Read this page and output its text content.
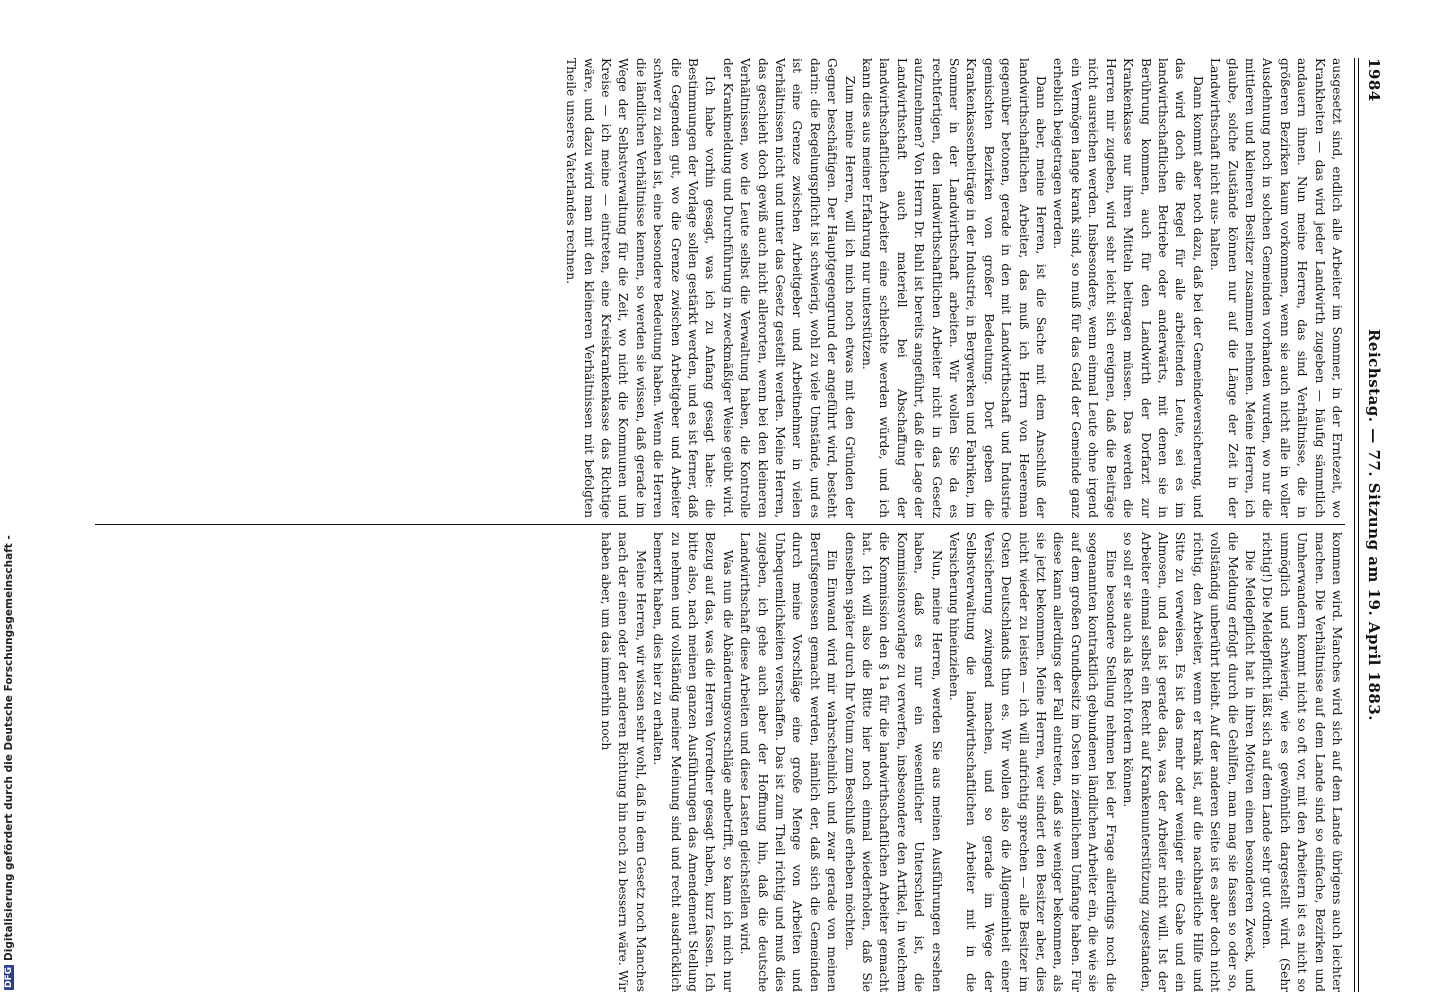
DFG
Digitalisierung gefördert durch die Deutsche Forschungsgemeinschaft -
1984
Reichstag. — 77. Sitzung am 19. April 1883.

ausgesetzt sind, endlich alle Arbeiter im Sommer, in der Erntezeit, wo Krankheiten — das wird jeder Landwirth zugeben — häufig sämmtlich andauern ihnen. Nun meine Herren, das sind Verhältnisse, die in größeren Bezirken kaum vorkommen, wenn sie auch nicht alle in voller Ausdehnung noch in solchen Gemeinden vorhanden wurden, wo nur die mittleren und kleineren Besitzer zusammen nehmen. Meine Herren, ich glaube, solche Zustände können nur auf die Länge der Zeit in der Landwirthschaft nicht aus- halten.

Dann kommt aber noch dazu, daß bei der Gemeindeversicherung, und das wird doch die Regel für alle arbeitenden Leute, sei es im landwirthschaftlichen Betriebe oder anderwärts, mit denen sie in Berührung kommen, auch für den Landwirth der Dorfarzt zur Krankenkasse nur ihren Mitteln beitragen müssen. Das werden die Herren mir zugeben, wird sehr leicht sich ereignen, daß die Beiträge nicht ausreichen werden. Insbesondere, wenn einmal Leute ohne irgend ein Vermögen lange krank sind, so muß für das Geld der Gemeinde ganz erheblich beigetragen werden.

Dann aber, meine Herren, ist die Sache mit dem Anschluß der landwirthschaftlichen Arbeiter, das muß ich Herrn von Heereman gegenüber betonen, gerade in den mit Landwirthschaft und Industrie gemischten Bezirken von großer Bedeutung. Dort geben die Krankenkassenbeiträge in der Industrie, in Bergwerken und Fabriken, im Sommer in der Landwirthschaft arbeiten. Wir wollen Sie da es rechtfertigen, den landwirthschaftlichen Arbeiter nicht in das Gesetz aufzunehmen? Von Herrn Dr. Buhl ist bereits angeführt, daß die Lage der Landwirthschaft auch materiell bei Abschaffung der landwirthschaftlichen Arbeiter eine schlechte werden würde, und ich kann dies aus meiner Erfahrung nur unterstützen.

Zum meine Herren, will ich mich noch etwas mit den Gründen der Gegner beschäftigen. Der Hauptgegengrund der angeführt wird, besteht darin: die Regelungspflicht ist schwierig, wohl zu viele Umstände, und es ist eine Grenze zwischen Arbeitgeber und Arbeitnehmer in vielen Verhältnissen nicht und unter das Gesetz gestellt werden. Meine Herren, das geschieht doch gewiß auch nicht allerorten, wenn bei den kleineren Verhältnissen, wo die Leute selbst die Verwaltung haben, die Kontrolle der Krankmeldung und Durchführung in zweckmäßiger Weise geübt wird.

Ich habe vorhin gesagt, was ich zu Anfang gesagt habe: die Bestimmungen der Vorlage sollen gestärkt werden, und es ist ferner, daß die Gegenden gut, wo die Grenze zwischen Arbeitgeber und Arbeiter schwer zu ziehen ist, eine besondere Bedeutung haben. Wenn die Herren die ländlichen Verhältnisse kennen, so werden sie wissen, daß gerade im Wege der Selbstverwaltung für die Zeit, wo nicht die Kommunen und Kreise — ich meine — eintreten, eine Kreiskrankenkasse das Richtige wäre, und dazu wird man mit den kleineren Verhältnissen mit befolgten Theile unseres Vaterlandes rechnen.

kommen wird. Manches wird sich auf dem Lande übrigens auch leichter machen. Die Verhältnisse auf dem Lande sind so einfache, Bezirken und Umherwandern kommt nicht so oft vor, mit den Arbeitern ist es nicht so unmöglich und schwierig, wie es gewöhnlich dargestellt wird. (Sehr richtig!) Die Meldepflicht läßt sich auf dem Lande sehr gut ordnen.

Die Meldepflicht hat in ihren Motiven einen besonderen Zweck, und die Meldung erfolgt durch die Gehilfen, man mag sie fassen so oder so, vollständig unberührt bleibt. Auf der anderen Seite ist es aber doch nicht richtig, den Arbeiter, wenn er krank ist, auf die nachbarliche Hilfe und Sitte zu verweisen. Es ist das mehr oder weniger eine Gabe und ein Almosen, und das ist gerade das, was der Arbeiter nicht will. Ist der Arbeiter einmal selbst ein Recht auf Krankenunterstützung zugestanden, so soll er sie auch als Recht fordern können.

Eine besondere Stellung nehmen bei der Frage allerdings noch die sogenannten kontraktlich gebundenen ländlichen Arbeiter ein, die wie sie auf dem großen Grundbesitz im Osten in ziemlichem Umfange haben. Für diese kann allerdings der Fall eintreten, daß sie weniger bekommen, als sie jetzt bekommen. Meine Herren, wer sindert den Besitzer aber, dies nicht wieder zu leisten — ich will aufrichtig sprechen — alle Besitzer im Osten Deutschlands thun es. Wir wollen also die Allgemeinheit einer Versicherung zwingend machen, und so gerade im Wege der Selbstverwaltung die landwirthschaftlichen Arbeiter mit in die Versicherung hineinziehen.

Nun, meine Herren, werden Sie aus meinen Ausführungen ersehen haben, daß es nur ein wesentlicher Unterschied ist, die Kommissionsvorlage zu verwerfen, insbesondere den Artikel, in welchem die Kommission den § 1a für die landwirthschaftlichen Arbeiter gemacht hat. Ich will also die Bitte hier noch einmal wiederholen, daß Sie denselben später durch Ihr Votum zum Beschluß erheben möchten.

Ein Einwand wird mir wahrscheinlich und zwar gerade von meinen Berufsgenossen gemacht werden, nämlich der, daß sich die Gemeinden durch meine Vorschläge eine große Menge von Arbeiten und Unbequemlichkeiten verschaffen. Das ist zum Theil richtig und muß dies zugeben, ich gehe auch aber der Hoffnung hin, daß die deutsche Landwirthschaft diese Arbeiten und diese Lasten gleichstellen wird.

Was nun die Abänderungsvorschläge anbetrifft, so kann ich mich nur Bezug auf das, was die Herren Vorredner gesagt haben, kurz fassen. Ich bitte also, nach meinen ganzen Ausführungen das Amendement Stellung zu nehmen und vollständig meiner Meinung sind und recht ausdrücklich bemerkt haben, dies hier zu erhalten.

Meine Herren, wir wissen sehr wohl, daß in dem Gesetz noch Manches nach der einen oder der anderen Richtung hin noch zu bessern wäre. Wir haben aber, um das immerhin noch
